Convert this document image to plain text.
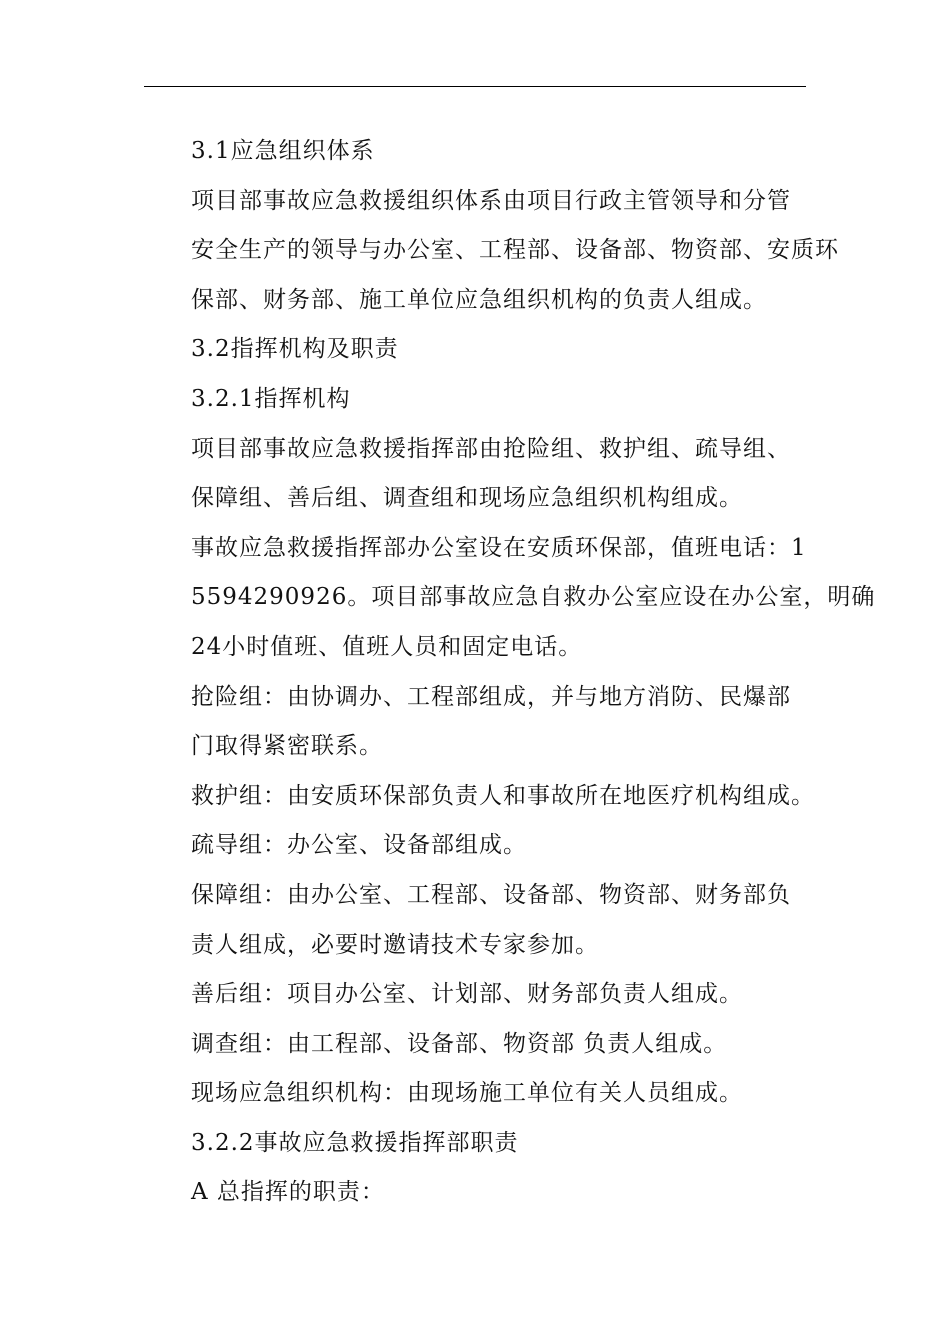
3.1应急组织体系

项目部事故应急救援组织体系由项目行政主管领导和分管
安全生产的领导与办公室、工程部、设备部、物资部、安质环
保部、财务部、施工单位应急组织机构的负责人组成。

3.2指挥机构及职责

3.2.1指挥机构

项目部事故应急救援指挥部由抢险组、救护组、疏导组、
保障组、善后组、调查组和现场应急组织机构组成。

事故应急救援指挥部办公室设在安质环保部，值班电话：1
5594290926。项目部事故应急自救办公室应设在办公室，明确
24小时值班、值班人员和固定电话。

抢险组：由协调办、工程部组成，并与地方消防、民爆部
门取得紧密联系。

救护组：由安质环保部负责人和事故所在地医疗机构组成。

疏导组：办公室、设备部组成。

保障组：由办公室、工程部、设备部、物资部、财务部负
责人组成，必要时邀请技术专家参加。

善后组：项目办公室、计划部、财务部负责人组成。

调查组：由工程部、设备部、物资部 负责人组成。

现场应急组织机构：由现场施工单位有关人员组成。

3.2.2事故应急救援指挥部职责

A 总指挥的职责：
